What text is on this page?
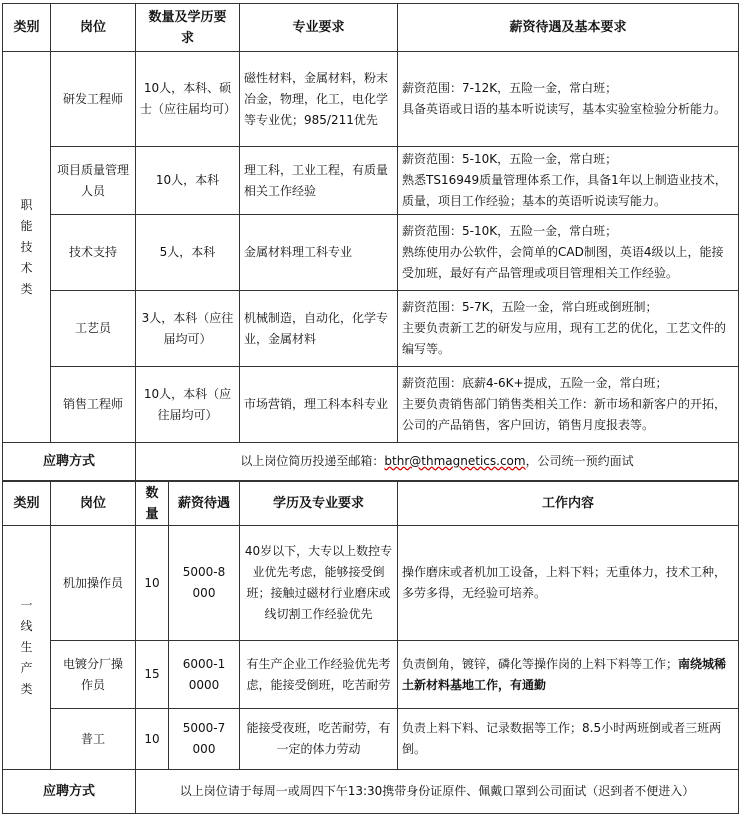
类别	岗位	数量及学历要求	专业要求	薪资待遇及基本要求
职能技术类	研发工程师	10人，本科、硕士（应往届均可）	磁性材料，金属材料，粉末冶金，物理，化工，电化学等专业优；985/211优先	薪资范围：7-12K，五险一金，常白班；
具备英语或日语的基本听说读写，基本实验室检验分析能力。

	项目质量管理人员	10人，本科	理工科，工业工程，有质量相关工作经验	薪资范围：5-10K，五险一金，常白班；
熟悉TS16949质量管理体系工作，具备1年以上制造业技术，质量，项目工作经验；基本的英语听说读写能力。

	技术支持	5人，本科	金属材料理工科专业	薪资范围：5-10K，五险一金，常白班；
熟练使用办公软件，会简单的CAD制图，英语4级以上，能接受加班，最好有产品管理或项目管理相关工作经验。

	工艺员	3人，本科（应往届均可）	机械制造，自动化，化学专业，金属材料	薪资范围：5-7K，五险一金，常白班或倒班制；
主要负责新工艺的研发与应用，现有工艺的优化，工艺文件的编写等。

	销售工程师	10人，本科（应往届均可）	市场营销，理工科本科专业	薪资范围：底薪4-6K+提成，五险一金，常白班；
主要负责销售部门销售类相关工作：新市场和新客户的开拓，公司的产品销售，客户回访，销售月度报表等。

应聘方式		以上岗位简历投递至邮箱：bthr@thmagnetics.com，公司统一预约面试		
类别	岗位	数量	薪资待遇	学历及专业要求	工作内容
一线生产类	机加操作员	10	5000-8000	40岁以下，大专以上数控专业优先考虑，能够接受倒班；接触过磁材行业磨床或线切割工作经验优先	操作磨床或者机加工设备，上料下料；无重体力，技术工种，多劳多得，无经验可培养。
	电镀分厂操作员	15	6000-10000	有生产企业工作经验优先考虑，能接受倒班，吃苦耐劳	负责倒角，镀锌，磷化等操作岗的上料下料等工作；南绕城稀土新材料基地工作，有通勤
	普工	10	5000-7000	能接受夜班，吃苦耐劳，有一定的体力劳动	负责上料下料、记录数据等工作；8.5小时两班倒或者三班两倒。
应聘方式		以上岗位请于每周一或周四下午13:30携带身份证原件、佩戴口罩到公司面试（迟到者不便进入）			
